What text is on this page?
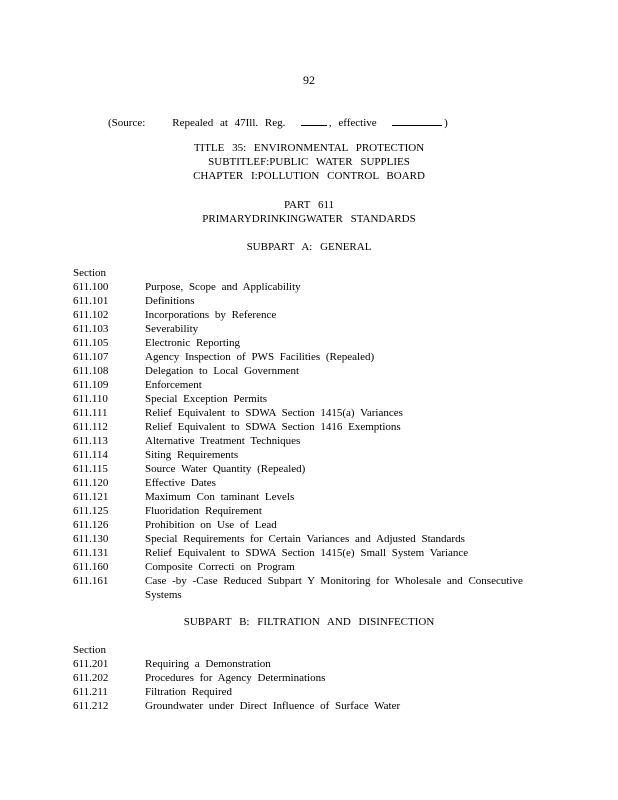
92
(Source: Repealed at 47Ill. Reg.	, effective	)
TITLE 35: ENVIRONMENTAL PROTECTION
SUBTITLEF:PUBLIC WATER SUPPLIES
CHAPTER I:POLLUTION CONTROL BOARD
PART 611
PRIMARYDRINKINGWATER STANDARDS
SUBPART A: GENERAL
Section
611.100	Purpose, Scope and Applicability
611.101	Definitions
611.102	Incorporations by Reference
611.103	Severability
611.105	Electronic Reporting
611.107	Agency Inspection of PWS Facilities (Repealed)
611.108	Delegation to Local Government
611.109	Enforcement
611.110	Special Exception Permits
611.111	Relief Equivalent to SDWA Section 1415(a) Variances
611.112	Relief Equivalent to SDWA Section 1416 Exemptions
611.113	Alternative Treatment Techniques
611.114	Siting Requirements
611.115	Source Water Quantity (Repealed)
611.120	Effective Dates
611.121	Maximum Con taminant Levels
611.125	Fluoridation Requirement
611.126	Prohibition on Use of Lead
611.130	Special Requirements for Certain Variances and Adjusted Standards
611.131	Relief Equivalent to SDWA Section 1415(e) Small System Variance
611.160	Composite Correcti on Program
611.161	Case -by -Case Reduced Subpart Y Monitoring for Wholesale and Consecutive Systems
SUBPART B: FILTRATION AND DISINFECTION
Section
611.201	Requiring a Demonstration
611.202	Procedures for Agency Determinations
611.211	Filtration Required
611.212	Groundwater under Direct Influence of Surface Water
